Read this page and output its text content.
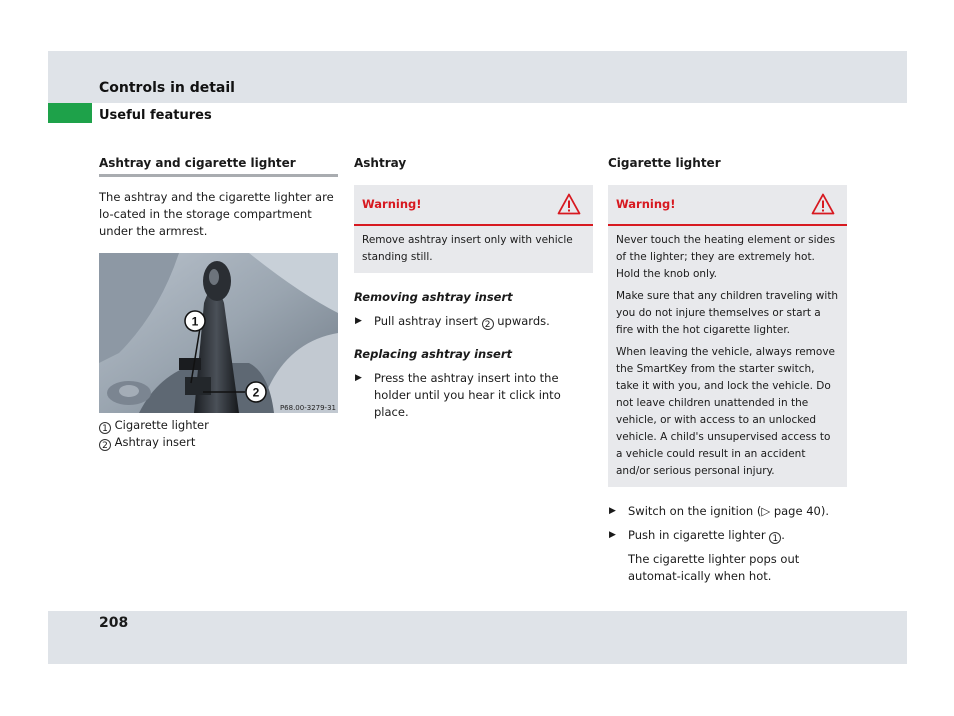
Controls in detail
Useful features
Ashtray and cigarette lighter

The ashtray and the cigarette lighter are lo-cated in the storage compartment under the armrest.

1
2
P68.00-3279-31
1 Cigarette lighter
2 Ashtray insert
Ashtray
Warning!

Remove ashtray insert only with vehicle standing still.

Removing ashtray insert
▶ Pull ashtray insert 2 upwards.
Replacing ashtray insert
▶ Press the ashtray insert into the holder until you hear it click into place.
Cigarette lighter
Warning!

Never touch the heating element or sides of the lighter; they are extremely hot. Hold the knob only.

Make sure that any children traveling with you do not injure themselves or start a fire with the hot cigarette lighter.

When leaving the vehicle, always remove the SmartKey from the starter switch, take it with you, and lock the vehicle. Do not leave children unattended in the vehicle, or with access to an unlocked vehicle. A child's unsupervised access to a vehicle could result in an accident and/or serious personal injury.

▶ Switch on the ignition (▷ page 40).
▶ Push in cigarette lighter 1 .

The cigarette lighter pops out automat-ically when hot.

208
